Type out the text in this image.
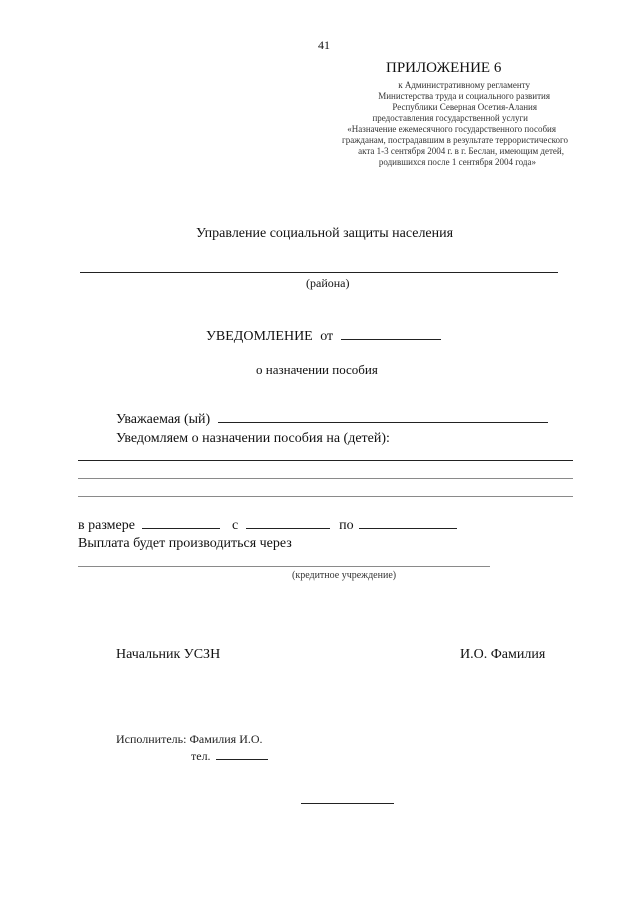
41
ПРИЛОЖЕНИЕ 6
к Административному регламенту
Министерства труда и социального развития
Республики Северная Осетия-Алания
предоставления государственной услуги
«Назначение ежемесячного государственного пособия
гражданам, пострадавшим в результате террористического
акта 1-3 сентября 2004 г. в г. Беслан, имеющим детей,
родившихся после 1 сентября 2004 года»
Управление социальной защиты населения
(района)
УВЕДОМЛЕНИЕ от
о назначении пособия
Уважаемая (ый)
Уведомляем о назначении пособия на (детей):
в размере	с	по
Выплата будет производиться через
(кредитное учреждение)
Начальник УСЗН	И.О. Фамилия
Исполнитель: Фамилия И.О.
тел.
